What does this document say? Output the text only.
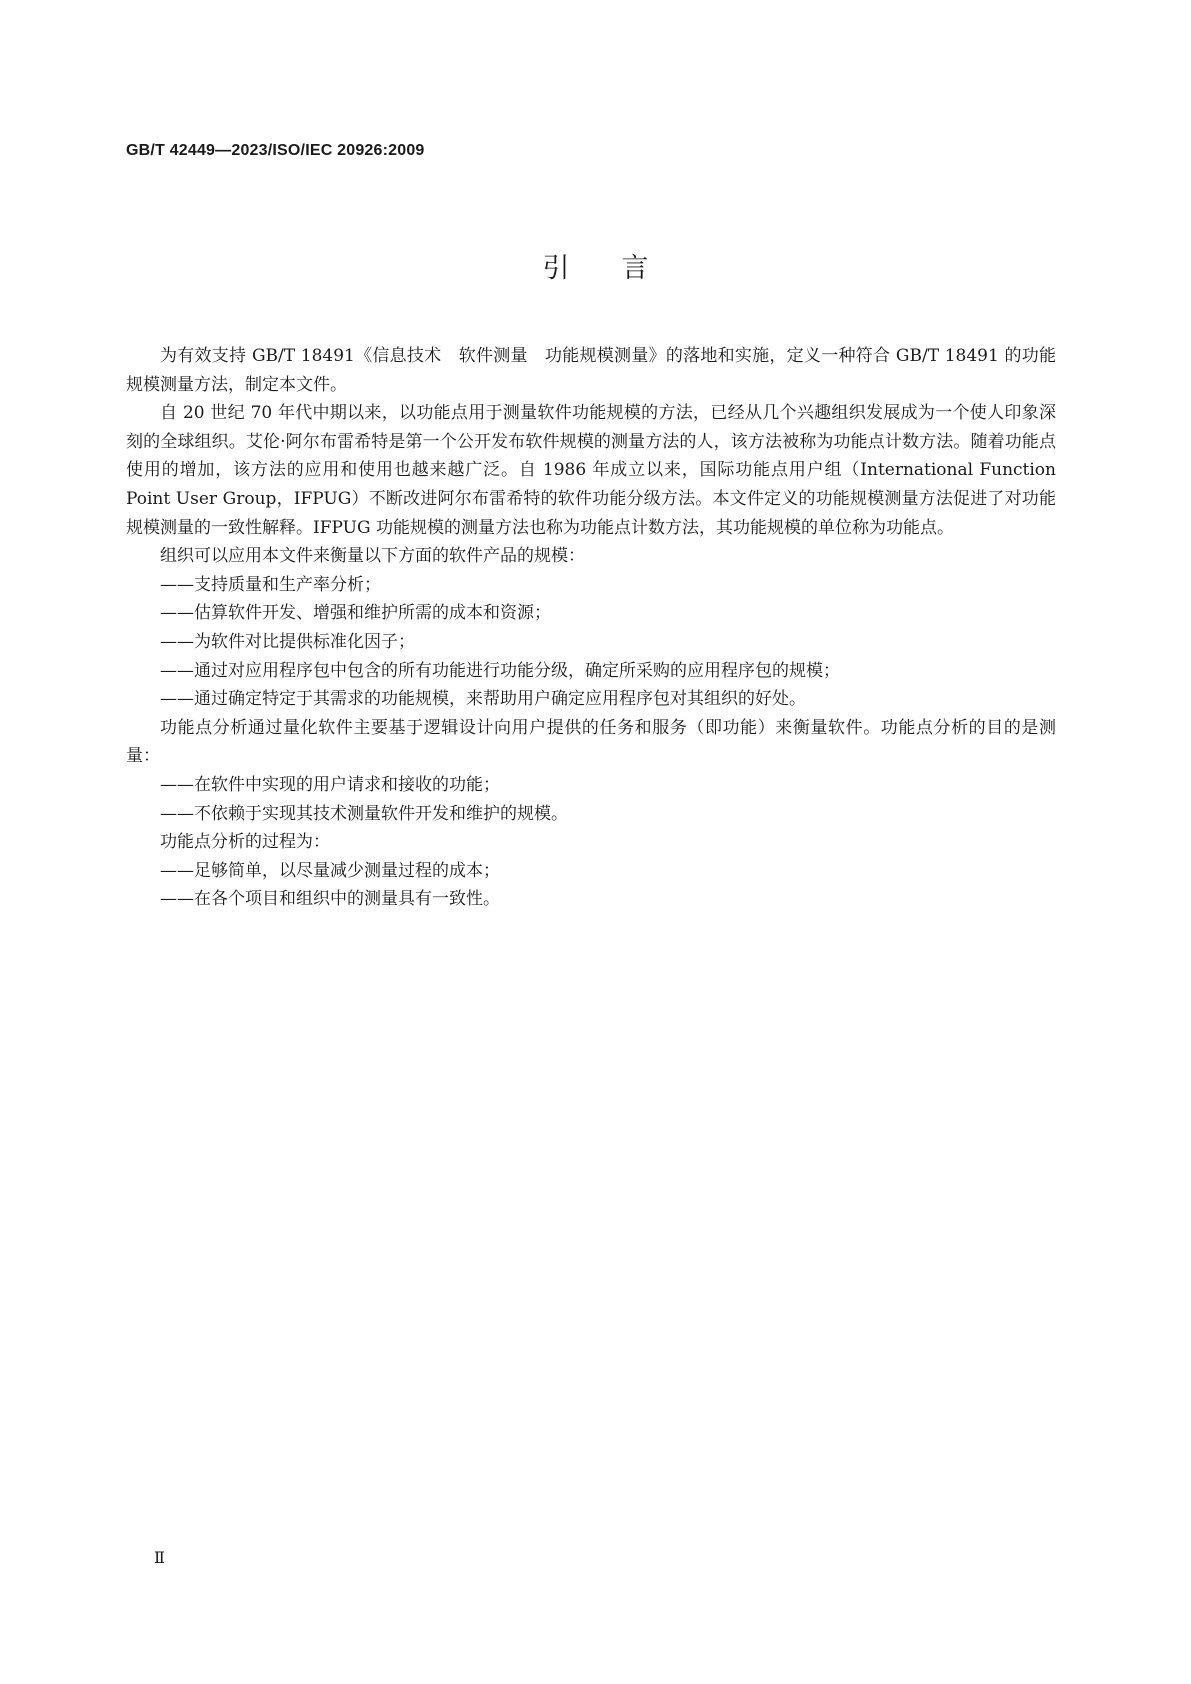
GB/T 42449—2023/ISO/IEC 20926:2009
引言

为有效支持 GB/T 18491《信息技术　软件测量　功能规模测量》的落地和实施，定义一种符合 GB/T 18491 的功能规模测量方法，制定本文件。

自 20 世纪 70 年代中期以来，以功能点用于测量软件功能规模的方法，已经从几个兴趣组织发展成为一个使人印象深刻的全球组织。艾伦·阿尔布雷希特是第一个公开发布软件规模的测量方法的人，该方法被称为功能点计数方法。随着功能点使用的增加，该方法的应用和使用也越来越广泛。自 1986 年成立以来，国际功能点用户组（International Function Point User Group，IFPUG）不断改进阿尔布雷希特的软件功能分级方法。本文件定义的功能规模测量方法促进了对功能规模测量的一致性解释。IFPUG 功能规模的测量方法也称为功能点计数方法，其功能规模的单位称为功能点。

组织可以应用本文件来衡量以下方面的软件产品的规模：

——支持质量和生产率分析；

——估算软件开发、增强和维护所需的成本和资源；

——为软件对比提供标准化因子；

——通过对应用程序包中包含的所有功能进行功能分级，确定所采购的应用程序包的规模；

——通过确定特定于其需求的功能规模，来帮助用户确定应用程序包对其组织的好处。

功能点分析通过量化软件主要基于逻辑设计向用户提供的任务和服务（即功能）来衡量软件。功能点分析的目的是测量：

——在软件中实现的用户请求和接收的功能；

——不依赖于实现其技术测量软件开发和维护的规模。

功能点分析的过程为：

——足够简单，以尽量减少测量过程的成本；

——在各个项目和组织中的测量具有一致性。

Ⅱ
